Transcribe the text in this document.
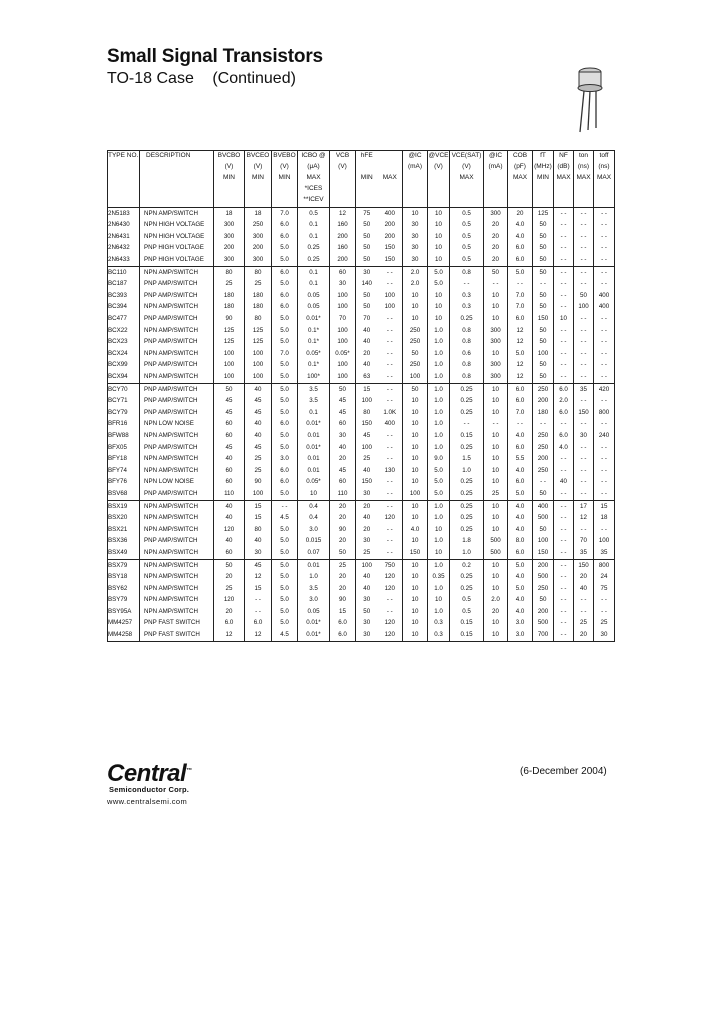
Small Signal Transistors
TO-18 Case (Continued)
TYPE NO.	DESCRIPTION	BVCBO	BVCEO	BVEBO	ICBO @	VCB	hFE		@IC	@VCE	VCE(SAT)	@IC	COB	fT	NF	ton	toff
		(V)	(V)	(V)	(μA)	(V)			(mA)	(V)	(V)	(mA)	(pF)	(MHz)	(dB)	(ns)	(ns)
		MIN	MIN	MIN	MAX		MIN	MAX			MAX		MAX	MIN	MAX	MAX	MAX
					*ICES												
					**ICEV												
2N5183	NPN AMP/SWITCH	18	18	7.0	0.5	12	75	400	10	10	0.5	300	20	125	- -	- -	- -
2N6430	NPN HIGH VOLTAGE	300	250	6.0	0.1	160	50	200	30	10	0.5	20	4.0	50	- -	- -	- -
2N6431	NPN HIGH VOLTAGE	300	300	6.0	0.1	200	50	200	30	10	0.5	20	4.0	50	- -	- -	- -
2N6432	PNP HIGH VOLTAGE	200	200	5.0	0.25	160	50	150	30	10	0.5	20	6.0	50	- -	- -	- -
2N6433	PNP HIGH VOLTAGE	300	300	5.0	0.25	200	50	150	30	10	0.5	20	6.0	50	- -	- -	- -
BC110	NPN AMP/SWITCH	80	80	6.0	0.1	60	30	- -	2.0	5.0	0.8	50	5.0	50	- -	- -	- -
BC187	PNP AMP/SWITCH	25	25	5.0	0.1	30	140	- -	2.0	5.0	- -	- -	- -	- -	- -	- -	- -
BC393	PNP AMP/SWITCH	180	180	6.0	0.05	100	50	100	10	10	0.3	10	7.0	50	- -	50	400
BC394	NPN AMP/SWITCH	180	180	6.0	0.05	100	50	100	10	10	0.3	10	7.0	50	- -	100	400
BC477	PNP AMP/SWITCH	90	80	5.0	0.01*	70	70	- -	10	10	0.25	10	6.0	150	10	- -	- -
BCX22	NPN AMP/SWITCH	125	125	5.0	0.1*	100	40	- -	250	1.0	0.8	300	12	50	- -	- -	- -
BCX23	PNP AMP/SWITCH	125	125	5.0	0.1*	100	40	- -	250	1.0	0.8	300	12	50	- -	- -	- -
BCX24	NPN AMP/SWITCH	100	100	7.0	0.05*	0.05*	20	- -	50	1.0	0.6	10	5.0	100	- -	- -	- -
BCX99	PNP AMP/SWITCH	100	100	5.0	0.1*	100	40	- -	250	1.0	0.8	300	12	50	- -	- -	- -
BCX94	NPN AMP/SWITCH	100	100	5.0	100*	100	63	- -	100	1.0	0.8	300	12	50	- -	- -	- -
BCY70	PNP AMP/SWITCH	50	40	5.0	3.5	50	15	- -	50	1.0	0.25	10	6.0	250	6.0	35	420
BCY71	PNP AMP/SWITCH	45	45	5.0	3.5	45	100	- -	10	1.0	0.25	10	6.0	200	2.0	- -	- -
BCY79	PNP AMP/SWITCH	45	45	5.0	0.1	45	80	1.0K	10	1.0	0.25	10	7.0	180	6.0	150	800
BFR16	NPN LOW NOISE	60	40	6.0	0.01*	60	150	400	10	1.0	- -	- -	- -	- -	- -	- -	- -
BFW88	NPN AMP/SWITCH	60	40	5.0	0.01	30	45	- -	10	1.0	0.15	10	4.0	250	6.0	30	240
BFX05	PNP AMP/SWITCH	45	45	5.0	0.01*	40	100	- -	10	1.0	0.25	10	6.0	250	4.0	- -	- -
BFY18	NPN AMP/SWITCH	40	25	3.0	0.01	20	25	- -	10	9.0	1.5	10	5.5	200	- -	- -	- -
BFY74	NPN AMP/SWITCH	60	25	6.0	0.01	45	40	130	10	5.0	1.0	10	4.0	250	- -	- -	- -
BFY76	NPN LOW NOISE	60	90	6.0	0.05*	60	150	- -	10	5.0	0.25	10	6.0	- -	40	- -	- -
BSV68	PNP AMP/SWITCH	110	100	5.0	10	110	30	- -	100	5.0	0.25	25	5.0	50	- -	- -	- -
BSX19	NPN AMP/SWITCH	40	15	- -	0.4	20	20	- -	10	1.0	0.25	10	4.0	400	- -	17	15
BSX20	NPN AMP/SWITCH	40	15	4.5	0.4	20	40	120	10	1.0	0.25	10	4.0	500	- -	12	18
BSX21	NPN AMP/SWITCH	120	80	5.0	3.0	90	20	- -	4.0	10	0.25	10	4.0	50	- -	- -	- -
BSX36	PNP AMP/SWITCH	40	40	5.0	0.015	20	30	- -	10	1.0	1.8	500	8.0	100	- -	70	100
BSX49	NPN AMP/SWITCH	60	30	5.0	0.07	50	25	- -	150	10	1.0	500	6.0	150	- -	35	35
BSX79	NPN AMP/SWITCH	50	45	5.0	0.01	25	100	750	10	1.0	0.2	10	5.0	200	- -	150	800
BSY18	NPN AMP/SWITCH	20	12	5.0	1.0	20	40	120	10	0.35	0.25	10	4.0	500	- -	20	24
BSY62	NPN AMP/SWITCH	25	15	5.0	3.5	20	40	120	10	1.0	0.25	10	5.0	250	- -	40	75
BSY79	NPN AMP/SWITCH	120	- -	5.0	3.0	90	30	- -	10	10	0.5	2.0	4.0	50	- -	- -	- -
BSY95A	NPN AMP/SWITCH	20	- -	5.0	0.05	15	50	- -	10	1.0	0.5	20	4.0	200	- -	- -	- -
MM4257	PNP FAST SWITCH	6.0	6.0	5.0	0.01*	6.0	30	120	10	0.3	0.15	10	3.0	500	- -	25	25
MM4258	PNP FAST SWITCH	12	12	4.5	0.01*	6.0	30	120	10	0.3	0.15	10	3.0	700	- -	20	30
Central™
Semiconductor Corp.
www.centralsemi.com
(6-December 2004)
